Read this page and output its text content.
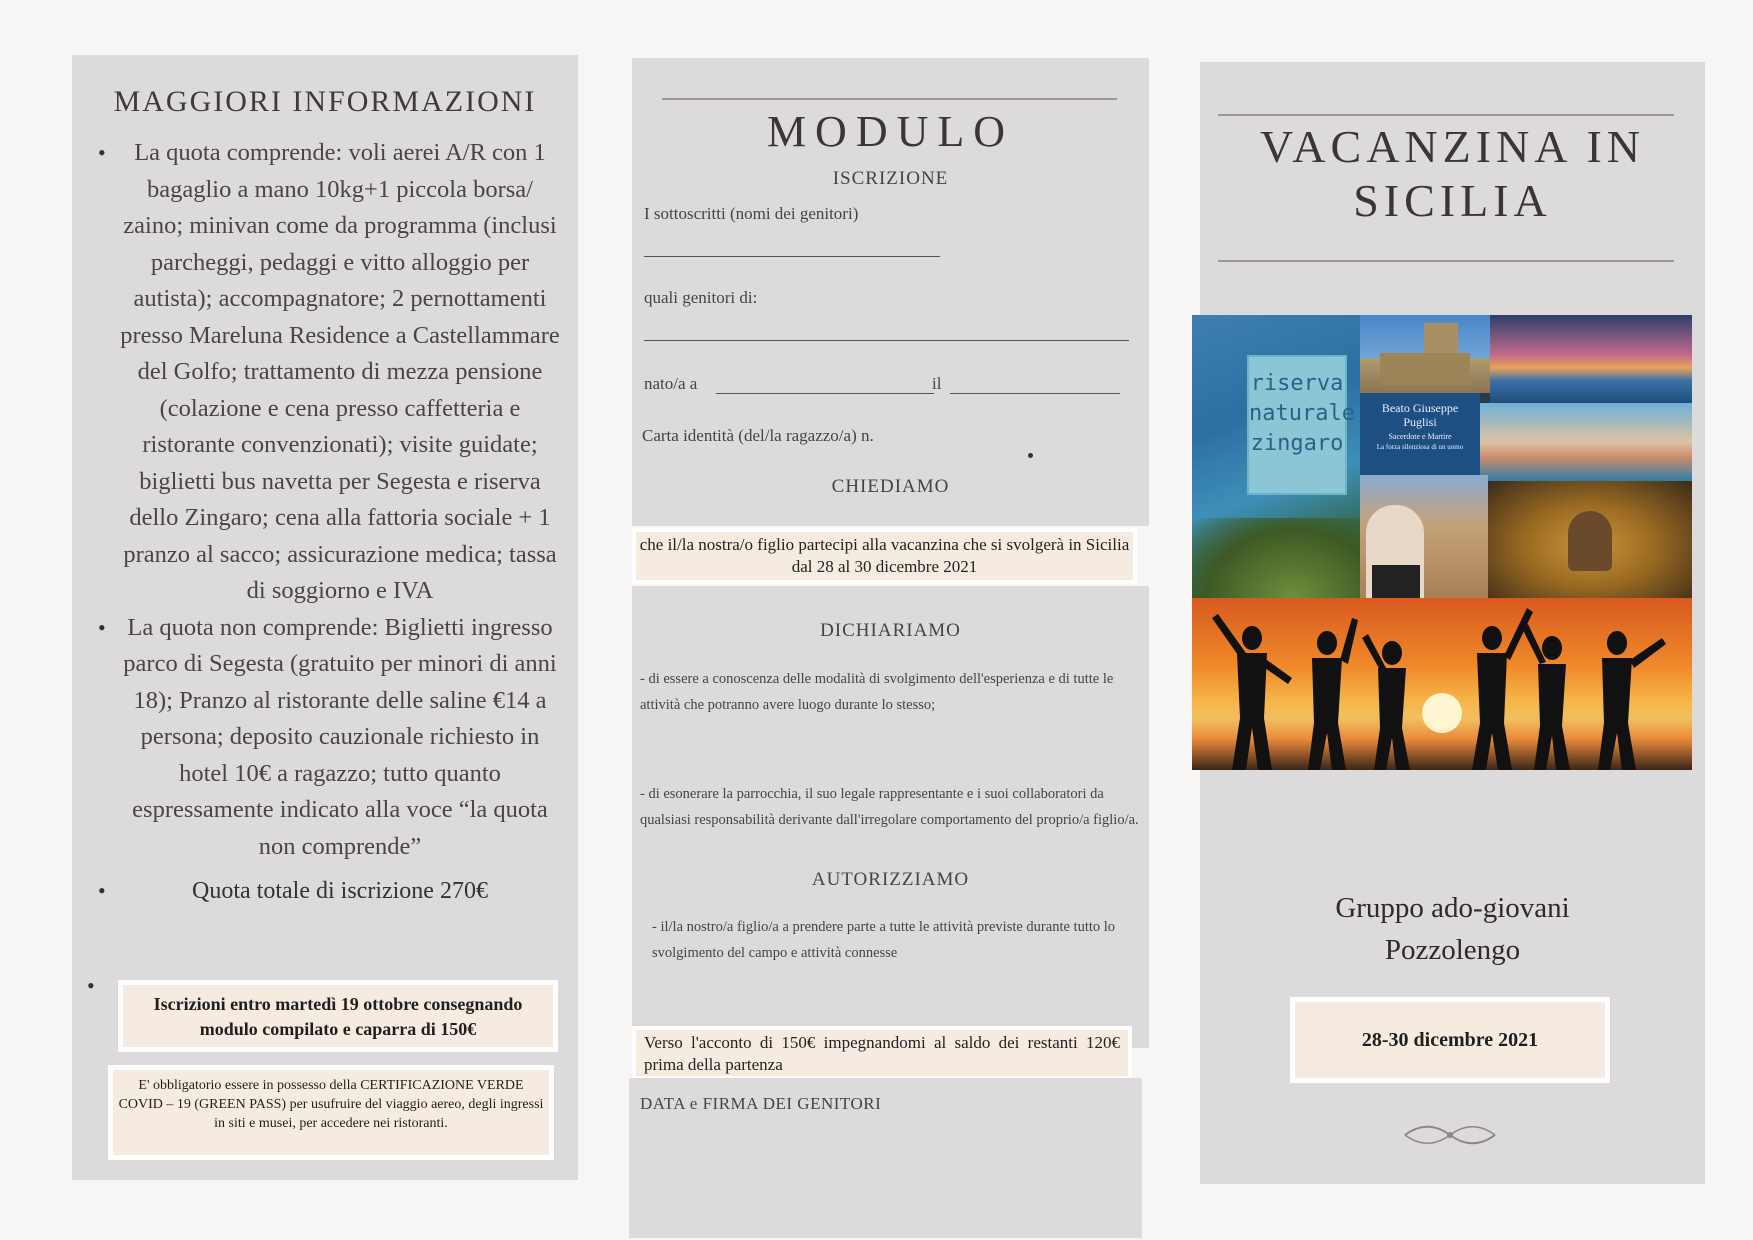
MAGGIORI INFORMAZIONI
• La quota comprende: voli aerei A/R con 1 bagaglio a mano 10kg+1 piccola borsa/ zaino; minivan come da programma (inclusi parcheggi, pedaggi e vitto alloggio per autista); accompagnatore; 2 pernottamenti presso Mareluna Residence a Castellammare del Golfo; trattamento di mezza pensione (colazione e cena presso caffetteria e ristorante convenzionati); visite guidate; biglietti bus navetta per Segesta e riserva dello Zingaro; cena alla fattoria sociale + 1 pranzo al sacco; assicurazione medica; tassa di soggiorno e IVA
• La quota non comprende: Biglietti ingresso parco di Segesta (gratuito per minori di anni 18); Pranzo al ristorante delle saline €14 a persona; deposito cauzionale richiesto in hotel 10€ a ragazzo; tutto quanto espressamente indicato alla voce “la quota non comprende”
•	Quota totale di iscrizione 270€
•
Iscrizioni entro martedì 19 ottobre consegnando modulo compilato e caparra di 150€
E' obbligatorio essere in possesso della CERTIFICAZIONE VERDE COVID – 19 (GREEN PASS) per usufruire del viaggio aereo, degli ingressi in siti e musei, per accedere nei ristoranti.
MODULO
ISCRIZIONE
I sottoscritti (nomi dei genitori)
quali genitori di:
nato/a a	il
Carta identità (del/la ragazzo/a) n.
CHIEDIAMO
che il/la nostra/o figlio partecipi alla vacanzina che si svolgerà in Sicilia dal 28 al 30 dicembre 2021
DICHIARIAMO
- di essere a conoscenza delle modalità di svolgimento dell'esperienza e di tutte le attività che potranno avere luogo durante lo stesso;
- di esonerare la parrocchia, il suo legale rappresentante e i suoi collaboratori da qualsiasi responsabilità derivante dall'irregolare comportamento del proprio/a figlio/a.
AUTORIZZIAMO
- il/la nostro/a figlio/a a prendere parte a tutte le attività previste durante tutto lo svolgimento del campo e attività connesse
Verso l'acconto di 150€ impegnandomi al saldo dei restanti 120€ prima della partenza
DATA e FIRMA DEI GENITORI
VACANZINA IN
SICILIA
riserva
naturale
zingaro
Beato Giuseppe
Puglisi
Sacerdote e Martire
La forza silenziosa di un uomo
Gruppo ado-giovani
Pozzolengo
28-30 dicembre 2021
